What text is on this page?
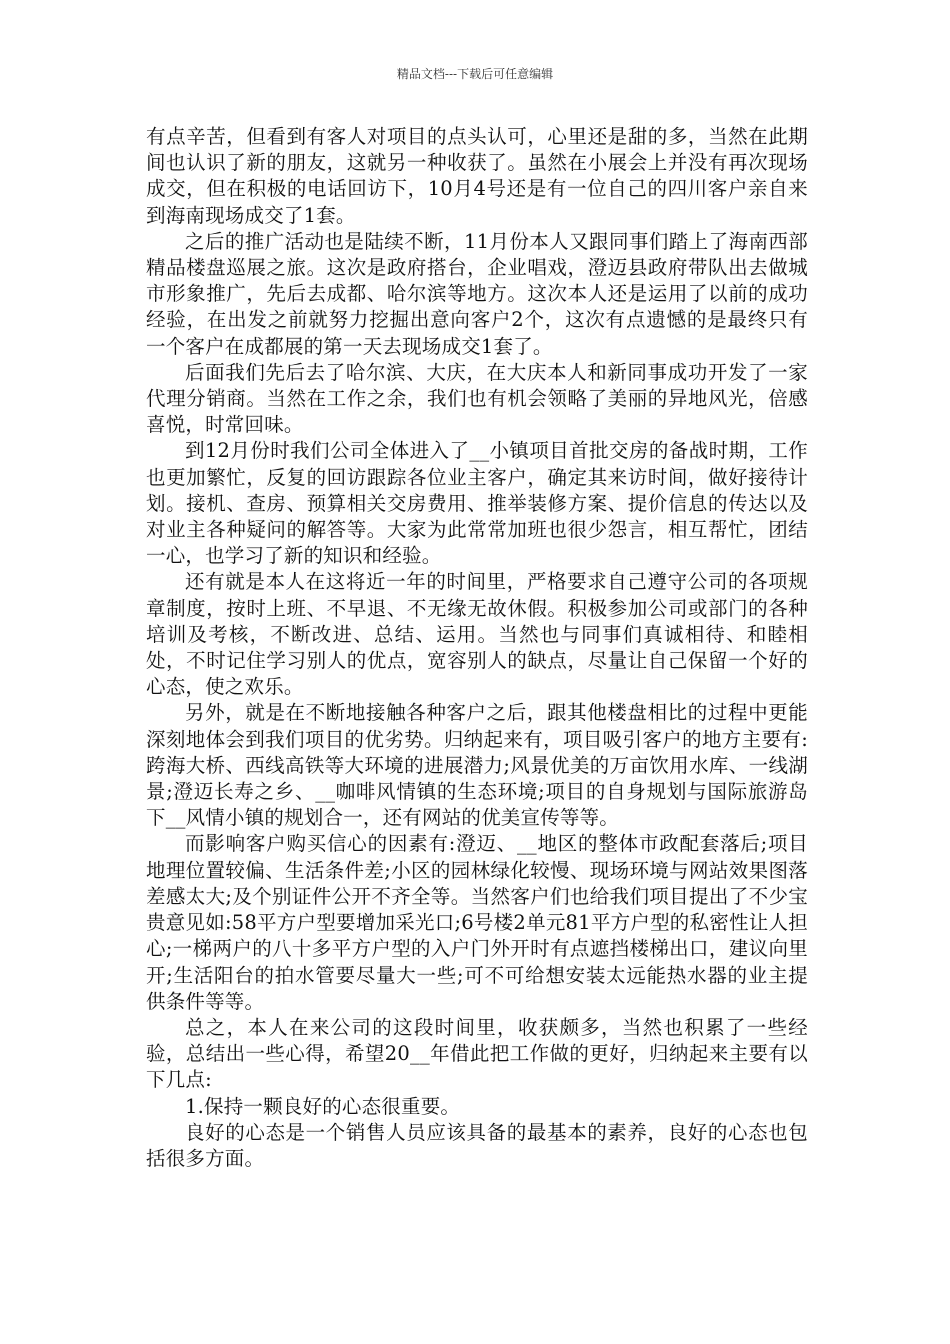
精品文档---下载后可任意编辑

有点辛苦，但看到有客人对项目的点头认可，心里还是甜的多，当然在此期间也认识了新的朋友，这就另一种收获了。虽然在小展会上并没有再次现场成交，但在积极的电话回访下，10月4号还是有一位自己的四川客户亲自来到海南现场成交了1套。

之后的推广活动也是陆续不断，11月份本人又跟同事们踏上了海南西部精品楼盘巡展之旅。这次是政府搭台，企业唱戏，澄迈县政府带队出去做城市形象推广，先后去成都、哈尔滨等地方。这次本人还是运用了以前的成功经验，在出发之前就努力挖掘出意向客户2个，这次有点遗憾的是最终只有一个客户在成都展的第一天去现场成交1套了。

后面我们先后去了哈尔滨、大庆，在大庆本人和新同事成功开发了一家代理分销商。当然在工作之余，我们也有机会领略了美丽的异地风光，倍感喜悦，时常回味。

到12月份时我们公司全体进入了__小镇项目首批交房的备战时期，工作也更加繁忙，反复的回访跟踪各位业主客户，确定其来访时间，做好接待计划。接机、查房、预算相关交房费用、推举装修方案、提价信息的传达以及对业主各种疑问的解答等。大家为此常常加班也很少怨言，相互帮忙，团结一心，也学习了新的知识和经验。

还有就是本人在这将近一年的时间里，严格要求自己遵守公司的各项规章制度，按时上班、不早退、不无缘无故休假。积极参加公司或部门的各种培训及考核，不断改进、总结、运用。当然也与同事们真诚相待、和睦相处，不时记住学习别人的优点，宽容别人的缺点，尽量让自己保留一个好的心态，使之欢乐。

另外，就是在不断地接触各种客户之后，跟其他楼盘相比的过程中更能深刻地体会到我们项目的优劣势。归纳起来有，项目吸引客户的地方主要有:跨海大桥、西线高铁等大环境的进展潜力;风景优美的万亩饮用水库、一线湖景;澄迈长寿之乡、__咖啡风情镇的生态环境;项目的自身规划与国际旅游岛下__风情小镇的规划合一，还有网站的优美宣传等等。

而影响客户购买信心的因素有:澄迈、__地区的整体市政配套落后;项目地理位置较偏、生活条件差;小区的园林绿化较慢、现场环境与网站效果图落差感太大;及个别证件公开不齐全等。当然客户们也给我们项目提出了不少宝贵意见如:58平方户型要增加采光口;6号楼2单元81平方户型的私密性让人担心;一梯两户的八十多平方户型的入户门外开时有点遮挡楼梯出口，建议向里开;生活阳台的拍水管要尽量大一些;可不可给想安装太远能热水器的业主提供条件等等。

总之，本人在来公司的这段时间里，收获颇多，当然也积累了一些经验，总结出一些心得，希望20__年借此把工作做的更好，归纳起来主要有以下几点:

1.保持一颗良好的心态很重要。

良好的心态是一个销售人员应该具备的最基本的素养，良好的心态也包括很多方面。
